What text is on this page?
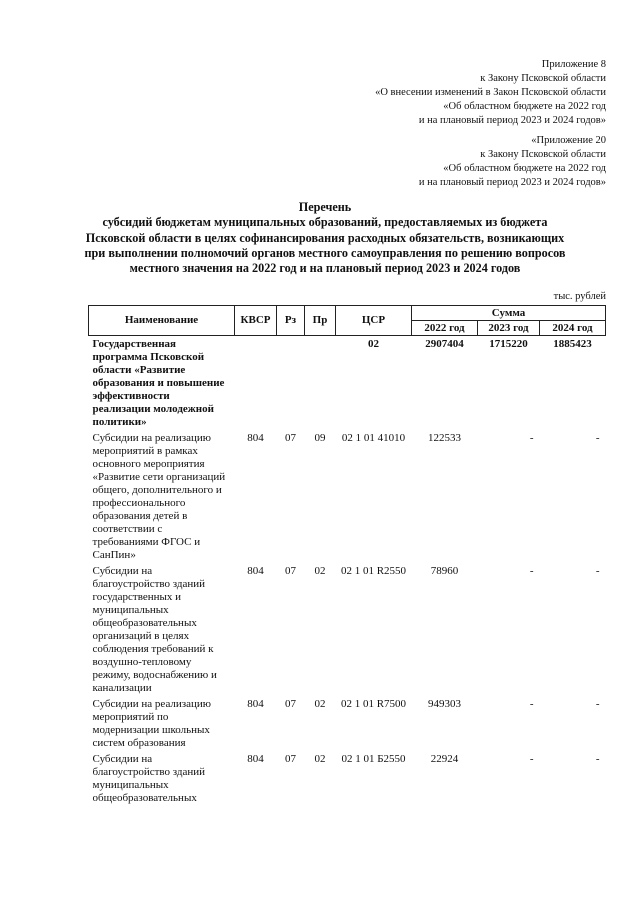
Приложение 8
к Закону Псковской области
«О внесении изменений в Закон Псковской области
«Об областном бюджете на 2022 год
и на плановый период 2023 и 2024 годов»
«Приложение 20
к Закону Псковской области
«Об областном бюджете на 2022 год
и на плановый период 2023 и 2024 годов»
Перечень
субсидий бюджетам муниципальных образований, предоставляемых из бюджета
Псковской области в целях софинансирования расходных обязательств, возникающих
при выполнении полномочий органов местного самоуправления по решению вопросов
местного значения на 2022 год и на плановый период 2023 и 2024 годов
тыс. рублей
Наименование	КВСР	Рз	Пр	ЦСР	Сумма		
					2022 год	2023 год	2024 год
Государственная программа Псковской области «Развитие образования и повышение эффективности реализации молодежной политики»				02	2907404	1715220	1885423
Субсидии на реализацию мероприятий в рамках основного мероприятия «Развитие сети организаций общего, дополнительного и профессионального образования детей в соответствии с требованиями ФГОС и СанПин»	804	07	09	02 1 01 41010	122533	-	-
Субсидии на благоустройство зданий государственных и муниципальных общеобразовательных организаций в целях соблюдения требований к воздушно-тепловому режиму, водоснабжению и канализации	804	07	02	02 1 01 R2550	78960	-	-
Субсидии на реализацию мероприятий по модернизации школьных систем образования	804	07	02	02 1 01 R7500	949303	-	-
Субсидии на благоустройство зданий муниципальных общеобразовательных	804	07	02	02 1 01 Б2550	22924	-	-
